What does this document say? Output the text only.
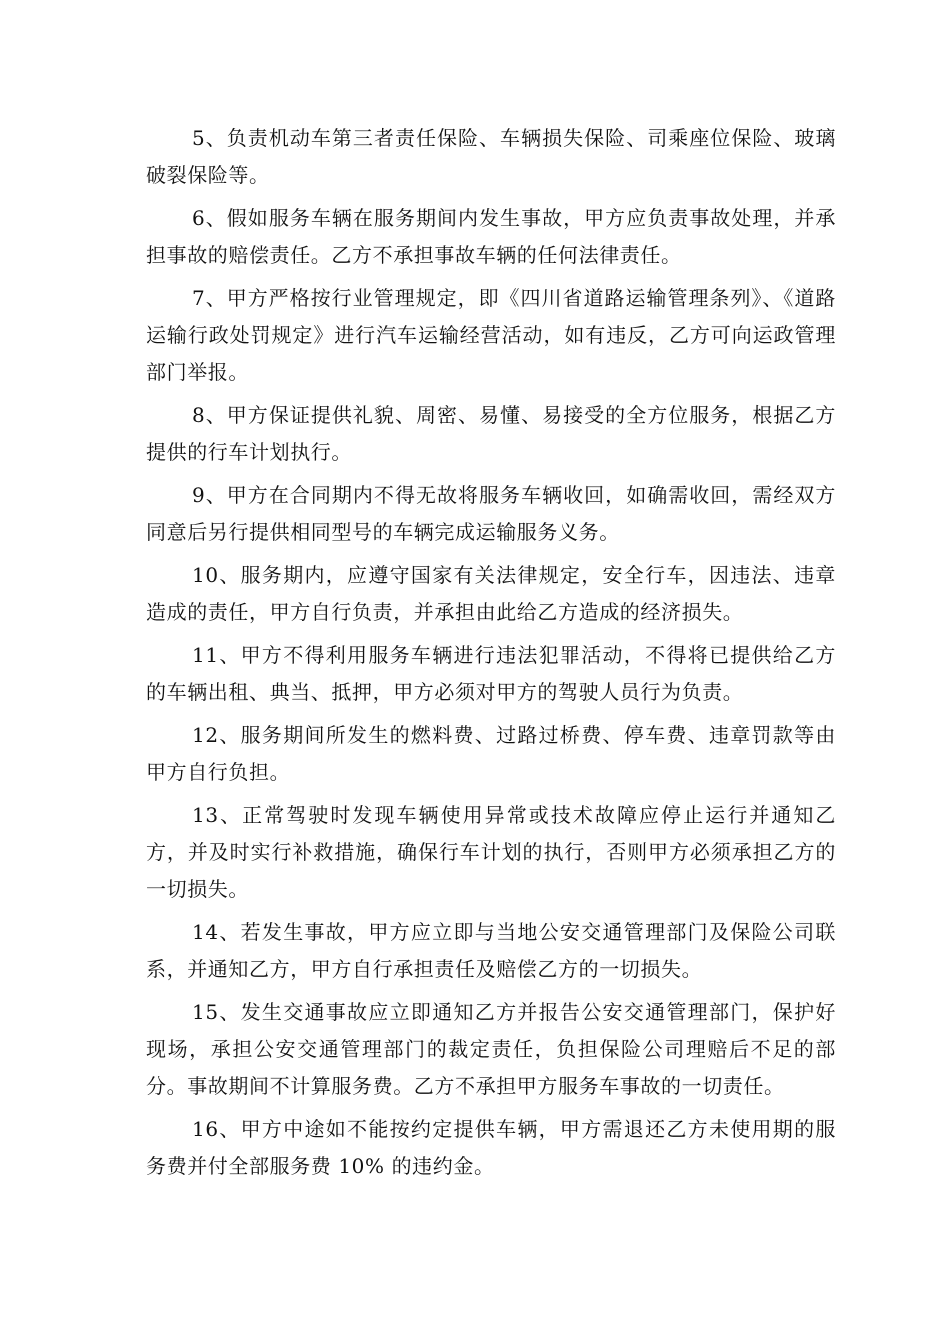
5、负责机动车第三者责任保险、车辆损失保险、司乘座位保险、玻璃破裂保险等。

6、假如服务车辆在服务期间内发生事故，甲方应负责事故处理，并承担事故的赔偿责任。乙方不承担事故车辆的任何法律责任。

7、甲方严格按行业管理规定，即《四川省道路运输管理条列》、《道路运输行政处罚规定》进行汽车运输经营活动，如有违反，乙方可向运政管理部门举报。

8、甲方保证提供礼貌、周密、易懂、易接受的全方位服务，根据乙方提供的行车计划执行。

9、甲方在合同期内不得无故将服务车辆收回，如确需收回，需经双方同意后另行提供相同型号的车辆完成运输服务义务。

10、服务期内，应遵守国家有关法律规定，安全行车，因违法、违章造成的责任，甲方自行负责，并承担由此给乙方造成的经济损失。

11、甲方不得利用服务车辆进行违法犯罪活动，不得将已提供给乙方的车辆出租、典当、抵押，甲方必须对甲方的驾驶人员行为负责。

12、服务期间所发生的燃料费、过路过桥费、停车费、违章罚款等由甲方自行负担。

13、正常驾驶时发现车辆使用异常或技术故障应停止运行并通知乙方，并及时实行补救措施，确保行车计划的执行，否则甲方必须承担乙方的一切损失。

14、若发生事故，甲方应立即与当地公安交通管理部门及保险公司联系，并通知乙方，甲方自行承担责任及赔偿乙方的一切损失。

15、发生交通事故应立即通知乙方并报告公安交通管理部门，保护好现场，承担公安交通管理部门的裁定责任，负担保险公司理赔后不足的部分。事故期间不计算服务费。乙方不承担甲方服务车事故的一切责任。

16、甲方中途如不能按约定提供车辆，甲方需退还乙方未使用期的服务费并付全部服务费 10% 的违约金。
